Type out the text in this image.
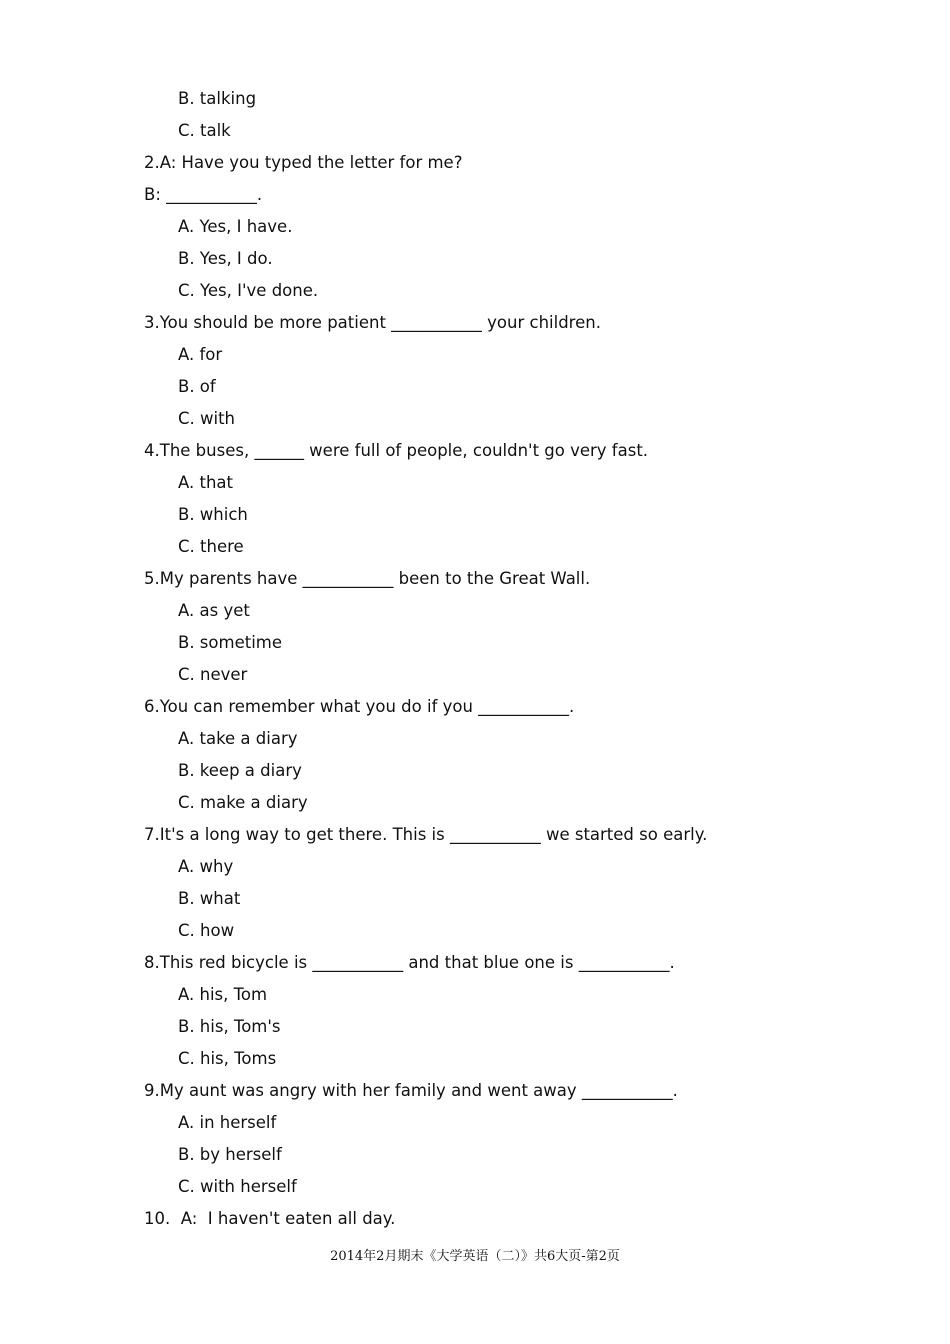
B. talking
C. talk
2.A: Have you typed the letter for me?
B: ___________.
A. Yes, I have.
B. Yes, I do.
C. Yes, I've done.
3.You should be more patient ___________ your children.
A. for
B. of
C. with
4.The buses, ______ were full of people, couldn't go very fast.
A. that
B. which
C. there
5.My parents have ___________ been to the Great Wall.
A. as yet
B. sometime
C. never
6.You can remember what you do if you ___________.
A. take a diary
B. keep a diary
C. make a diary
7.It's a long way to get there. This is ___________ we started so early.
A. why
B. what
C. how
8.This red bicycle is ___________ and that blue one is ___________.
A. his, Tom
B. his, Tom's
C. his, Toms
9.My aunt was angry with her family and went away ___________.
A. in herself
B. by herself
C. with herself
10.  A:  I haven't eaten all day.
2014年2月期末《大学英语（二）》共6大页-第2页
